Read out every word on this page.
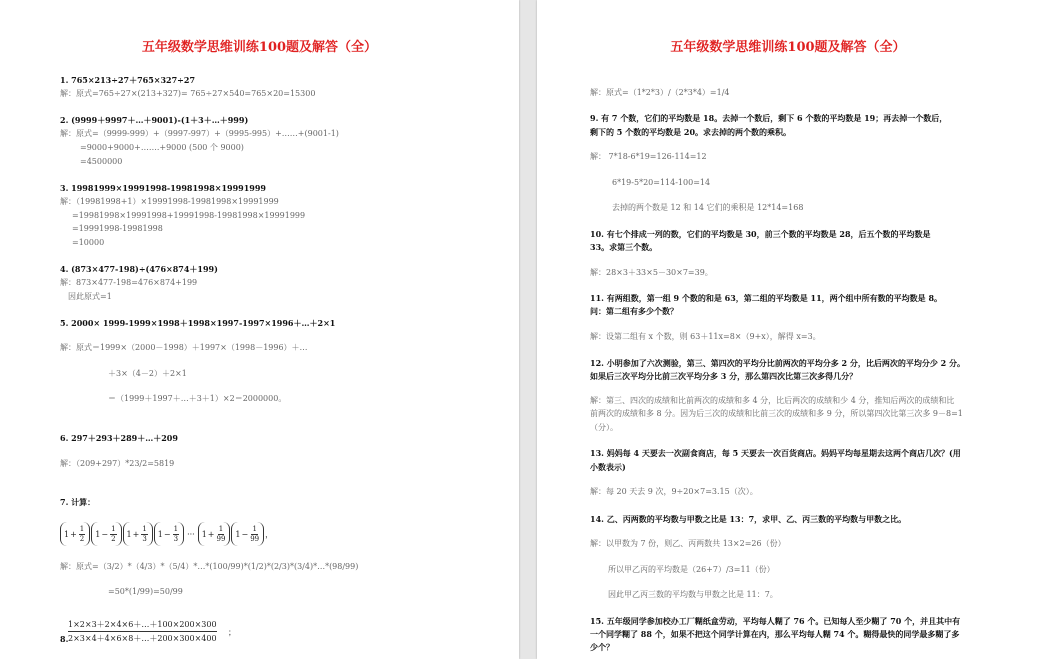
五年级数学思维训练100题及解答（全）
1. 765×213÷27＋765×327÷27
解：原式=765÷27×(213+327)= 765÷27×540=765×20=15300
2. (9999＋9997＋…＋9001)-(1＋3＋…＋999)
解：原式=（9999-999）+（9997-997）+（9995-995）+……+(9001-1)
=9000+9000+…….+9000 (500 个 9000)
=4500000
3. 19981999×19991998-19981998×19991999
解：（19981998+1）×19991998-19981998×19991999
=19981998×19991998+19991998-19981998×19991999
=19991998-19981998
=10000
4. (873×477-198)÷(476×874＋199)
解：873×477-198=476×874+199
因此原式=1
5. 2000× 1999-1999×1998＋1998×1997-1997×1996＋…＋2×1
解：原式＝1999×（2000－1998）＋1997×（1998－1996）＋…
＋3×（4－2）＋2×1
＝（1999＋1997＋…＋3＋1）×2＝2000000。
6. 297＋293＋289＋…＋209
解：（209+297）*23/2=5819
7. 计算：
解：原式=（3/2）*（4/3）*（5/4）*…*(100/99)*(1/2)*(2/3)*(3/4)*…*(98/99)
=50*(1/99)=50/99
8.
$1 + \frac{1}{2} 1 - \frac{1}{2} 1 + \frac{1}{3} 1 - \frac{1}{3}$ ··· $1 + \frac{1}{99} 1 - \frac{1}{99}$ ，
$\frac{1\times 2\times 3+2\times 4\times 6+\dots+100\times 200\times 300}{2\times 3\times 4+4\times 6\times 8+\dots+200\times 300\times 400}$ ；
五年级数学思维训练100题及解答（全）
解：原式=（1*2*3）/（2*3*4）=1/4
9. 有 7 个数，它们的平均数是 18。去掉一个数后，剩下 6 个数的平均数是 19；再去掉一个数后，
剩下的 5 个数的平均数是 20。求去掉的两个数的乘积。
解： 7*18-6*19=126-114=12
6*19-5*20=114-100=14
去掉的两个数是 12 和 14 它们的乘积是 12*14=168
10. 有七个排成一列的数，它们的平均数是 30，前三个数的平均数是 28，后五个数的平均数是
33。求第三个数。
解：28×3＋33×5－30×7=39。
11. 有两组数，第一组 9 个数的和是 63，第二组的平均数是 11，两个组中所有数的平均数是 8。
问：第二组有多少个数？
解：设第二组有 x 个数，则 63＋11x=8×（9+x），解得 x=3。
12. 小明参加了六次测验，第三、第四次的平均分比前两次的平均分多 2 分，比后两次的平均分少 2 分。
如果后三次平均分比前三次平均分多 3 分，那么第四次比第三次多得几分？
解：第三、四次的成绩和比前两次的成绩和多 4 分，比后两次的成绩和少 4 分，推知后两次的成绩和比
前两次的成绩和多 8 分。因为后三次的成绩和比前三次的成绩和多 9 分，所以第四次比第三次多 9－8=1
（分）。
13. 妈妈每 4 天要去一次副食商店，每 5 天要去一次百货商店。妈妈平均每星期去这两个商店几次？(用
小数表示)
解：每 20 天去 9 次，9÷20×7=3.15（次）。
14. 乙、丙两数的平均数与甲数之比是 13：7，求甲、乙、丙三数的平均数与甲数之比。
解：以甲数为 7 份，则乙、丙两数共 13×2=26（份）
所以甲乙丙的平均数是（26+7）/3=11（份）
因此甲乙丙三数的平均数与甲数之比是 11：7。
15. 五年级同学参加校办工厂糊纸盒劳动，平均每人糊了 76 个。已知每人至少糊了 70 个，并且其中有
一个同学糊了 88 个，如果不把这个同学计算在内，那么平均每人糊 74 个。糊得最快的同学最多糊了多
少个？
